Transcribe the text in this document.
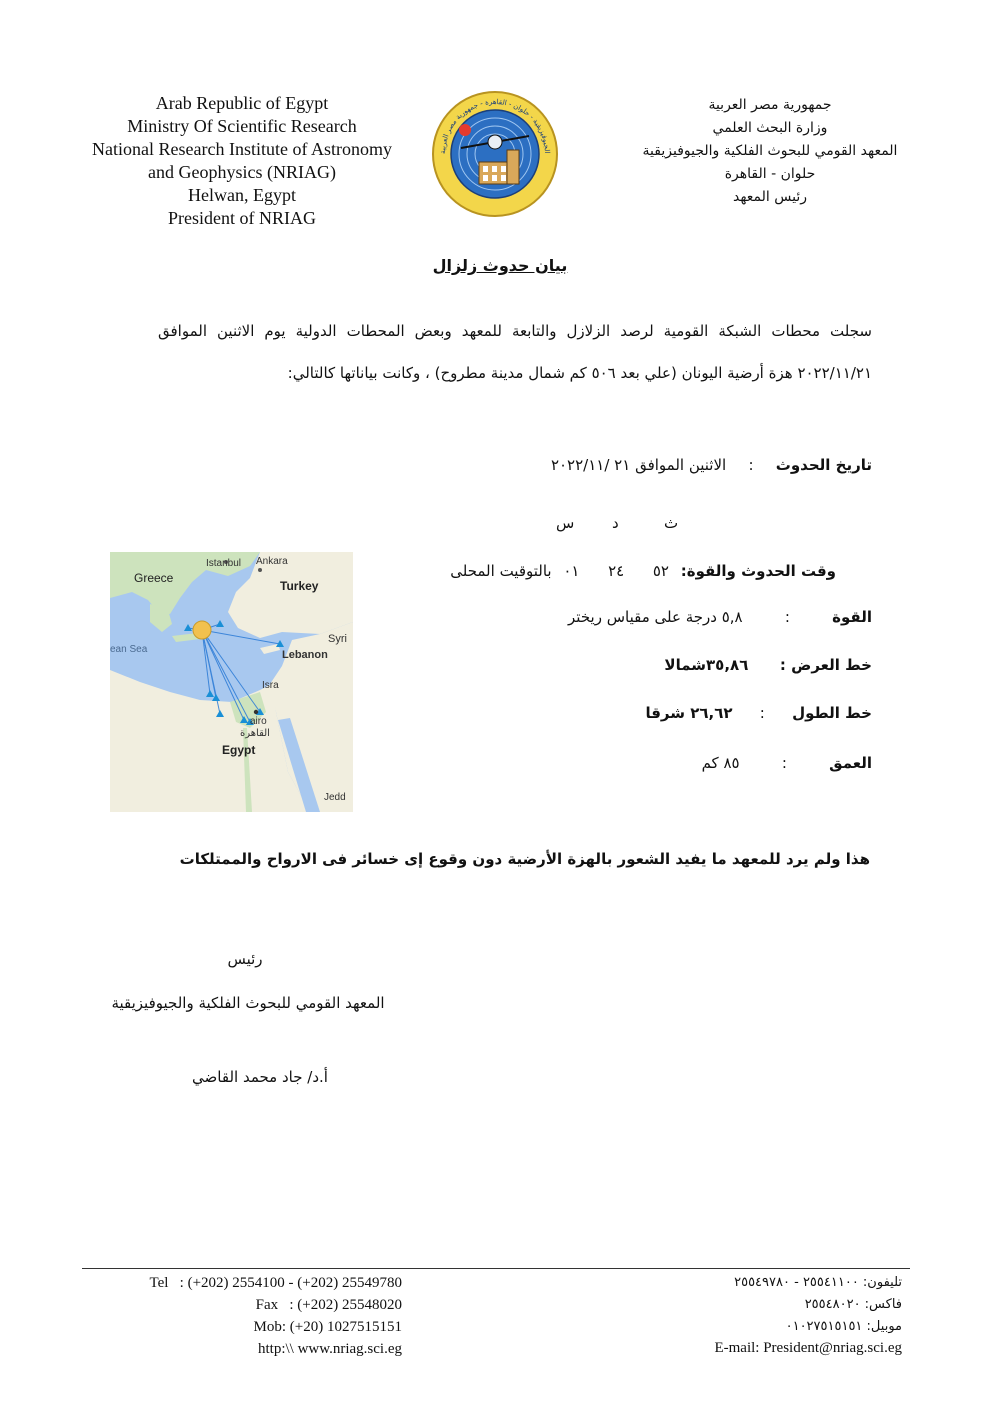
Arab Republic of Egypt
Ministry Of Scientific Research
National Research Institute of Astronomy
and Geophysics (NRIAG)
Helwan, Egypt
President of NRIAG
الجيوفيزيقية - حلوان - القاهرة - جمهورية مصر العربية
جمهورية مصر العربية
وزارة البحث العلمي
المعهد القومي للبحوث الفلكية والجيوفيزيقية
حلوان - القاهرة
رئيس المعهد
بيان حدوث زلزال
سجلت محطات الشبكة القومية لرصد الزلازل والتابعة للمعهد وبعض المحطات الدولية يوم الاثنين الموافق ٢٠٢٢/١١/٢١ هزة أرضية اليونان (علي بعد ٥٠٦ كم شمال مدينة مطروح) ، وكانت بياناتها كالتالي:
تاريخ الحدوث : الاثنين الموافق ٢١ /٢٠٢٢/١١
س	د	ث
وقت الحدوث والقوة: ٥٢ ٢٤ ٠١ بالتوقيت المحلى
القوة : ٥,٨ درجة على مقياس ريختر
خط العرض :  ٣٥,٨٦شمالا
خط الطول : ٢٦,٦٢ شرقا
العمق : ٨٥ كم
Istanbul Ankara
Greece
Turkey
ean Sea
Syri
Lebanon
Isra
airo
القاهرة
Egypt
Jedd
هذا ولم يرد للمعهد ما يفيد الشعور بالهزة الأرضية دون وقوع إى خسائر فى الارواح والممتلكات
رئيس
المعهد القومي للبحوث الفلكية والجيوفيزيقية
أ.د/ جاد محمد القاضي
Tel   : (+202) 2554100 - (+202) 25549780
Fax   : (+202) 25548020
Mob: (+20) 1027515151
http:\\ www.nriag.sci.eg
تليفون: ٢٥٥٤١١٠٠ - ٢٥٥٤٩٧٨٠
فاكس: ٢٥٥٤٨٠٢٠
موبيل: ٠١٠٢٧٥١٥١٥١
E-mail: President@nriag.sci.eg
